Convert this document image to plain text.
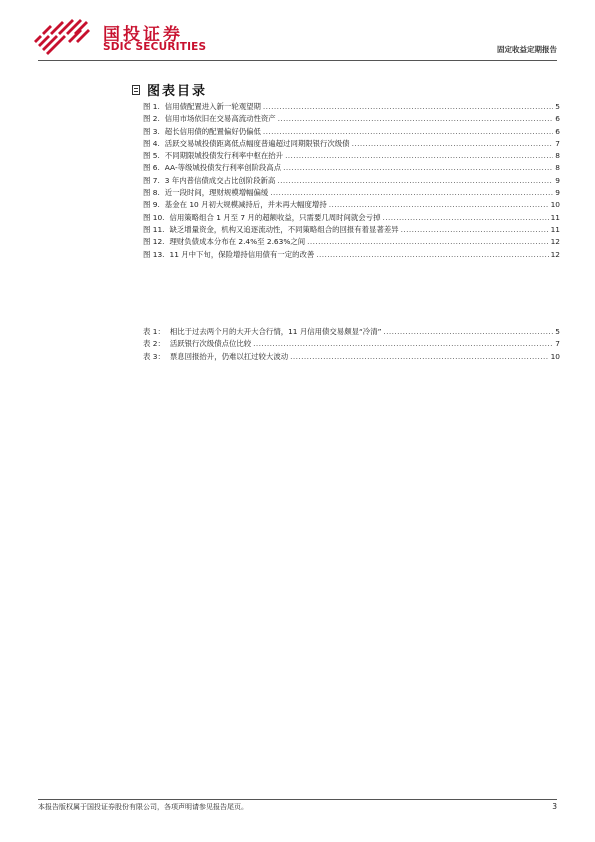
国投证券
SDIC SECURITIES	固定收益定期报告
图表目录
图 1. 信用债配置进入新一轮观望期 .....	5
图 2. 信用市场依旧在交易高流动性资产 .....	6
图 3. 超长信用债的配置偏好仍偏低 .....	6
图 4. 活跃交易城投债距离低点幅度普遍超过同期限银行次级债 .....	7
图 5. 不同期限城投债发行利率中枢在抬升 .....	8
图 6. AA-等级城投债发行利率创阶段高点 .....	8
图 7. 3 年内普信债成交占比创阶段新高 .....	9
图 8. 近一段时间，理财规模增幅偏缓 .....	9
图 9. 基金在 10 月初大规模减持后，并未再大幅度增持 .....	10
图 10. 信用策略组合 1 月至 7 月的超额收益，只需要几周时间就会亏掉 .....	11
图 11. 缺乏增量资金，机构又追逐流动性，不同策略组合的回报有着显著差异 .....	11
图 12. 理财负债成本分布在 2.4%至 2.63%之间 .....	12
图 13. 11 月中下旬，保险增持信用债有一定的改善 .....	12
表 1： 相比于过去两个月的大开大合行情，11 月信用债交易颇显“冷清” .....	5
表 2： 活跃银行次级债点位比较 .....	7
表 3： 票息回报抬升，仍难以扛过较大波动 .....	10
本报告版权属于国投证券股份有限公司，各项声明请参见报告尾页。	3
